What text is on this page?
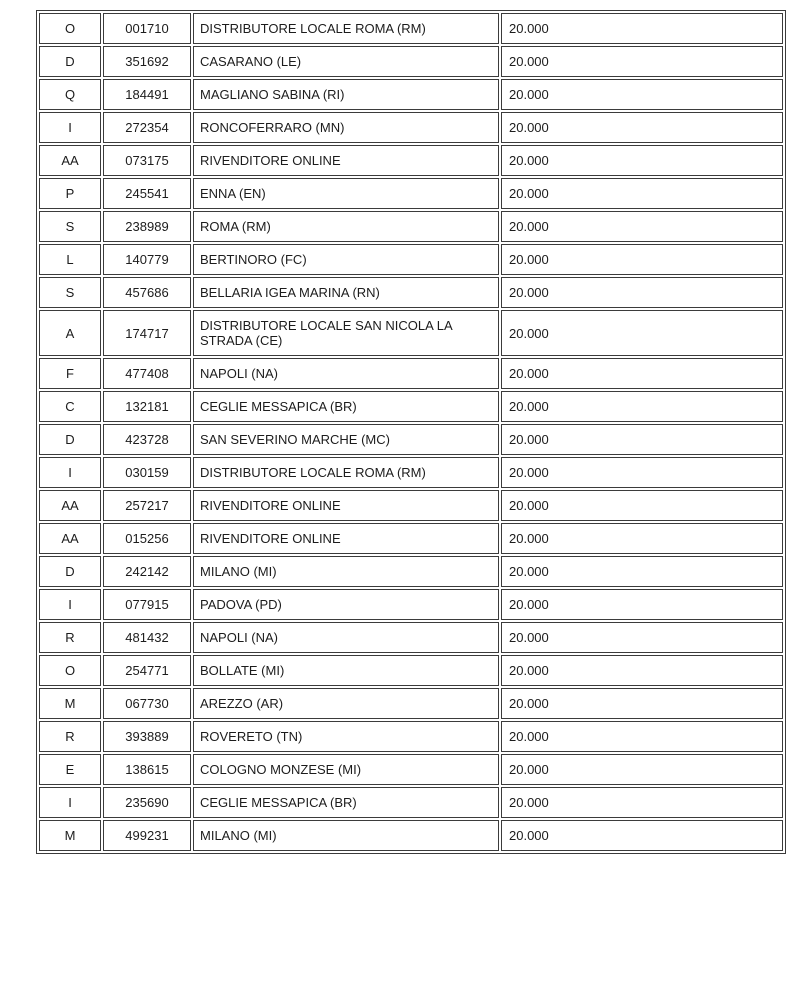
O	001710	DISTRIBUTORE LOCALE ROMA (RM)	20.000
D	351692	CASARANO (LE)	20.000
Q	184491	MAGLIANO SABINA (RI)	20.000
I	272354	RONCOFERRARO (MN)	20.000
AA	073175	RIVENDITORE ONLINE	20.000
P	245541	ENNA (EN)	20.000
S	238989	ROMA (RM)	20.000
L	140779	BERTINORO (FC)	20.000
S	457686	BELLARIA IGEA MARINA (RN)	20.000
A	174717	DISTRIBUTORE LOCALE SAN NICOLA LA STRADA (CE)	20.000
F	477408	NAPOLI (NA)	20.000
C	132181	CEGLIE MESSAPICA (BR)	20.000
D	423728	SAN SEVERINO MARCHE (MC)	20.000
I	030159	DISTRIBUTORE LOCALE ROMA (RM)	20.000
AA	257217	RIVENDITORE ONLINE	20.000
AA	015256	RIVENDITORE ONLINE	20.000
D	242142	MILANO (MI)	20.000
I	077915	PADOVA (PD)	20.000
R	481432	NAPOLI (NA)	20.000
O	254771	BOLLATE (MI)	20.000
M	067730	AREZZO (AR)	20.000
R	393889	ROVERETO (TN)	20.000
E	138615	COLOGNO MONZESE (MI)	20.000
I	235690	CEGLIE MESSAPICA (BR)	20.000
M	499231	MILANO (MI)	20.000
